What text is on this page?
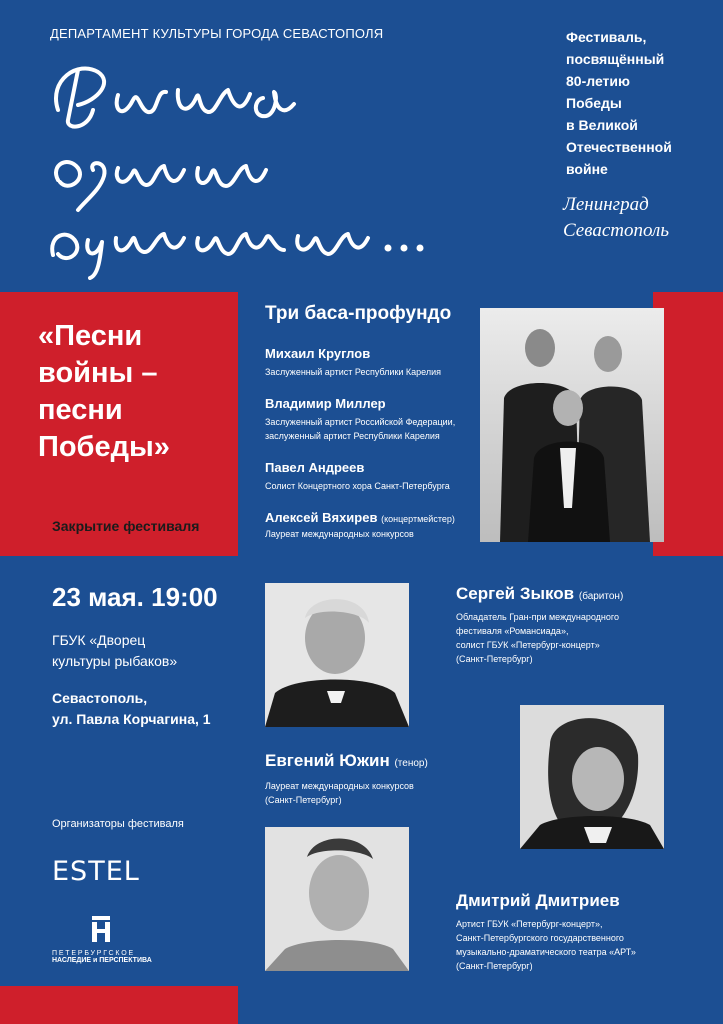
ДЕПАРТАМЕНТ КУЛЬТУРЫ ГОРОДА СЕВАСТОПОЛЯ	Фестиваль,
посвящённый
80-летию
Победы
в Великой
Отечественной
войне
Ленинград
Севастополь
«Песни
войны –
песни
Победы»
Закрытие фестиваля
Три баса-профундо
Михаил Круглов
Заслуженный артист Республики Карелия
Владимир Миллер
Заслуженный артист Российской Федерации,
заслуженный артист Республики Карелия
Павел Андреев
Солист Концертного хора Санкт-Петербурга
Алексей Вяхирев (концертмейстер)
Лауреат международных конкурсов
23 мая. 19:00
ГБУК «Дворец
культуры рыбаков»
Севастополь,
ул. Павла Корчагина, 1
Сергей Зыков (баритон)
Обладатель Гран-при международного
фестиваля «Романсиада»,
солист ГБУК «Петербург-концерт»
(Санкт-Петербург)
Евгений Южин (тенор)
Лауреат международных конкурсов
(Санкт-Петербург)
Дмитрий Дмитриев
Артист ГБУК «Петербург-концерт»,
Санкт-Петербургского государственного
музыкально-драматического театра «АРТ»
(Санкт-Петербург)
Организаторы фестиваля
ESTEL
ПЕТЕРБУРГСКОЕ
НАСЛЕДИЕ и ПЕРСПЕКТИВА
